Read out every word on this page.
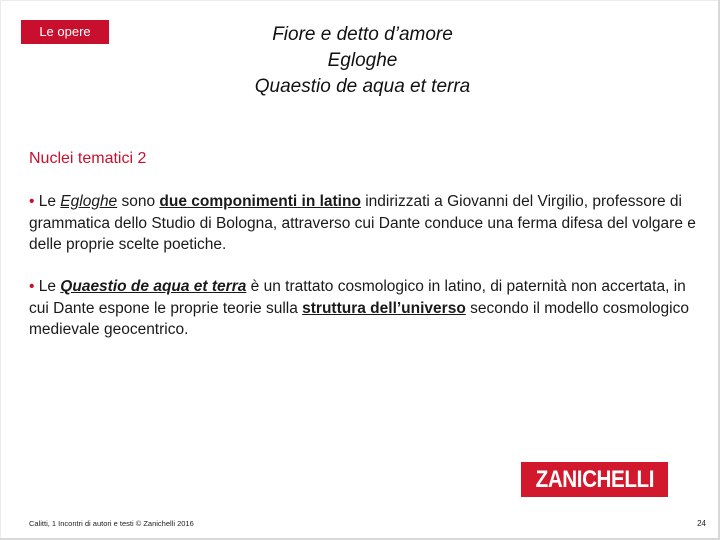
Le opere	Fiore e detto d’amore
Egloghe
Quaestio de aqua et terra
Nuclei tematici 2
• Le Egloghe sono due componimenti in latino indirizzati a Giovanni del Virgilio, professore di grammatica dello Studio di Bologna, attraverso cui Dante conduce una ferma difesa del volgare e delle proprie scelte poetiche.
• Le Quaestio de aqua et terra è un trattato cosmologico in latino, di paternità non accertata, in cui Dante espone le proprie teorie sulla struttura dell’universo secondo il modello cosmologico medievale geocentrico.
ZANICHELLI
Calitti, 1 Incontri di autori e testi © Zanichelli 2016	24
